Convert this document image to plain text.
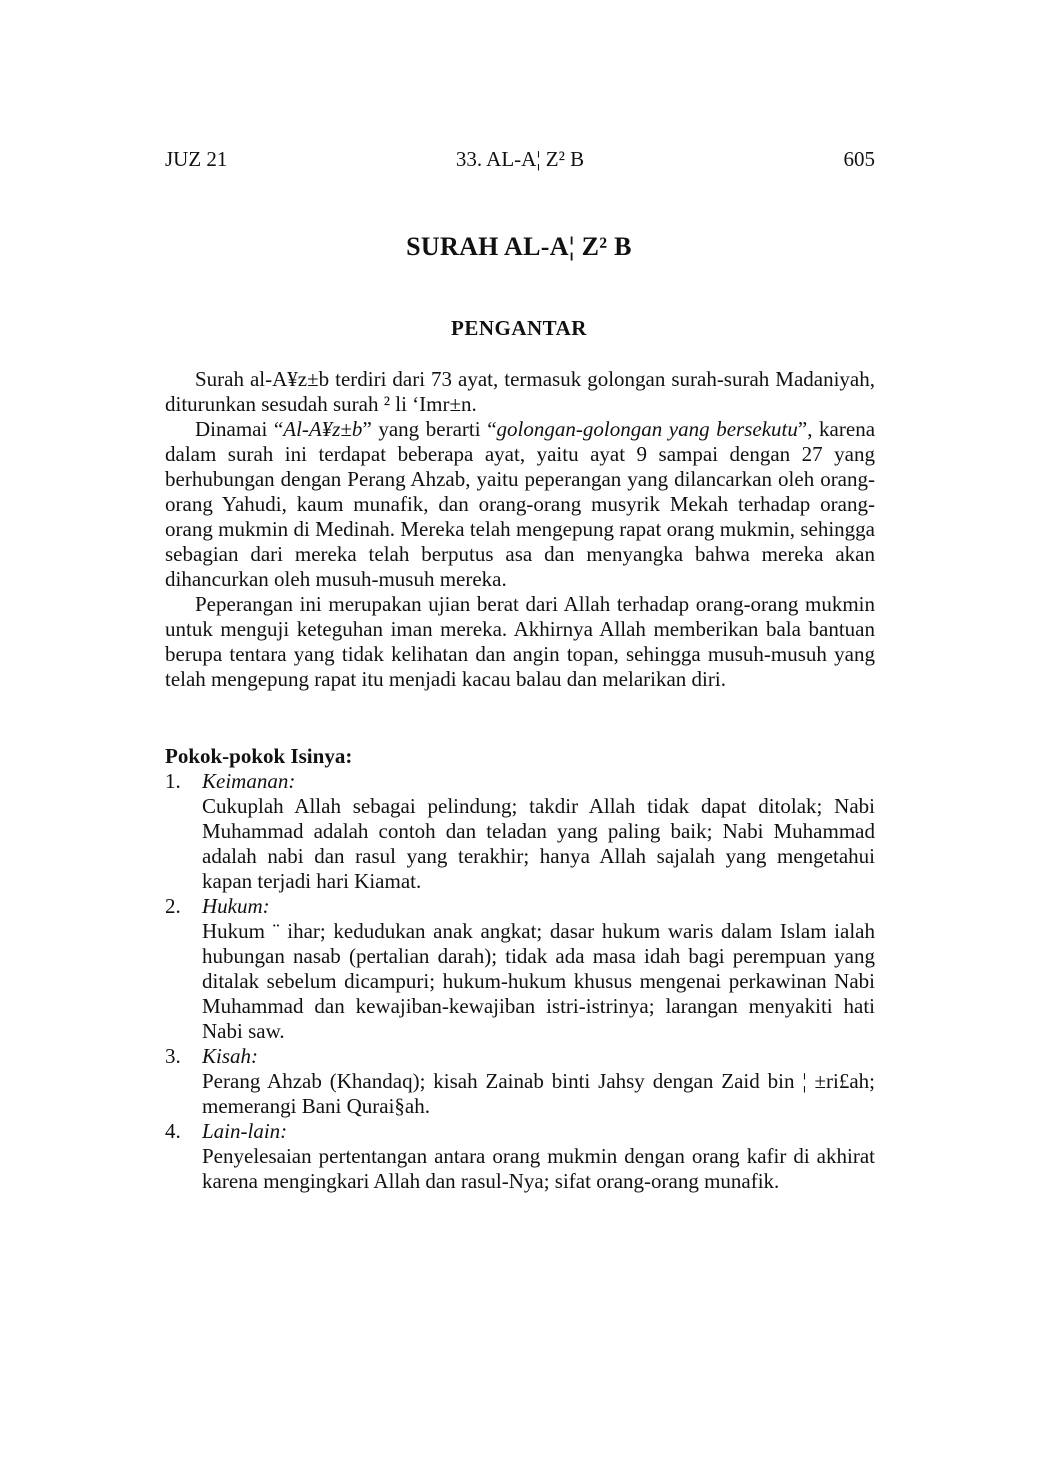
JUZ 21	33. AL-A¦ Z² B	605
SURAH AL-A¦ Z² B
PENGANTAR

Surah al-A¥z±b terdiri dari 73 ayat, termasuk golongan surah-surah Madaniyah, diturunkan sesudah surah ² li ‘Imr±n.

Dinamai “Al-A¥z±b” yang berarti “golongan-golongan yang bersekutu”, karena dalam surah ini terdapat beberapa ayat, yaitu ayat 9 sampai dengan 27 yang berhubungan dengan Perang Ahzab, yaitu peperangan yang dilancarkan oleh orang-orang Yahudi, kaum munafik, dan orang-orang musyrik Mekah terhadap orang-orang mukmin di Medinah. Mereka telah mengepung rapat orang mukmin, sehingga sebagian dari mereka telah berputus asa dan menyangka bahwa mereka akan dihancurkan oleh musuh-musuh mereka.

Peperangan ini merupakan ujian berat dari Allah terhadap orang-orang mukmin untuk menguji keteguhan iman mereka. Akhirnya Allah memberikan bala bantuan berupa tentara yang tidak kelihatan dan angin topan, sehingga musuh-musuh yang telah mengepung rapat itu menjadi kacau balau dan melarikan diri.

Pokok-pokok Isinya:
1.	Keimanan:
Cukuplah Allah sebagai pelindung; takdir Allah tidak dapat ditolak; Nabi Muhammad adalah contoh dan teladan yang paling baik; Nabi Muhammad adalah nabi dan rasul yang terakhir; hanya Allah sajalah yang mengetahui kapan terjadi hari Kiamat.
2.	Hukum:
Hukum ¨ ihar; kedudukan anak angkat; dasar hukum waris dalam Islam ialah hubungan nasab (pertalian darah); tidak ada masa idah bagi perempuan yang ditalak sebelum dicampuri; hukum-hukum khusus mengenai perkawinan Nabi Muhammad dan kewajiban-kewajiban istri-istrinya; larangan menyakiti hati Nabi saw.
3.	Kisah:
Perang Ahzab (Khandaq); kisah Zainab binti Jahsy dengan Zaid bin ¦ ±ri£ah; memerangi Bani Qurai§ah.
4.	Lain-lain:
Penyelesaian pertentangan antara orang mukmin dengan orang kafir di akhirat karena mengingkari Allah dan rasul-Nya; sifat orang-orang munafik.
